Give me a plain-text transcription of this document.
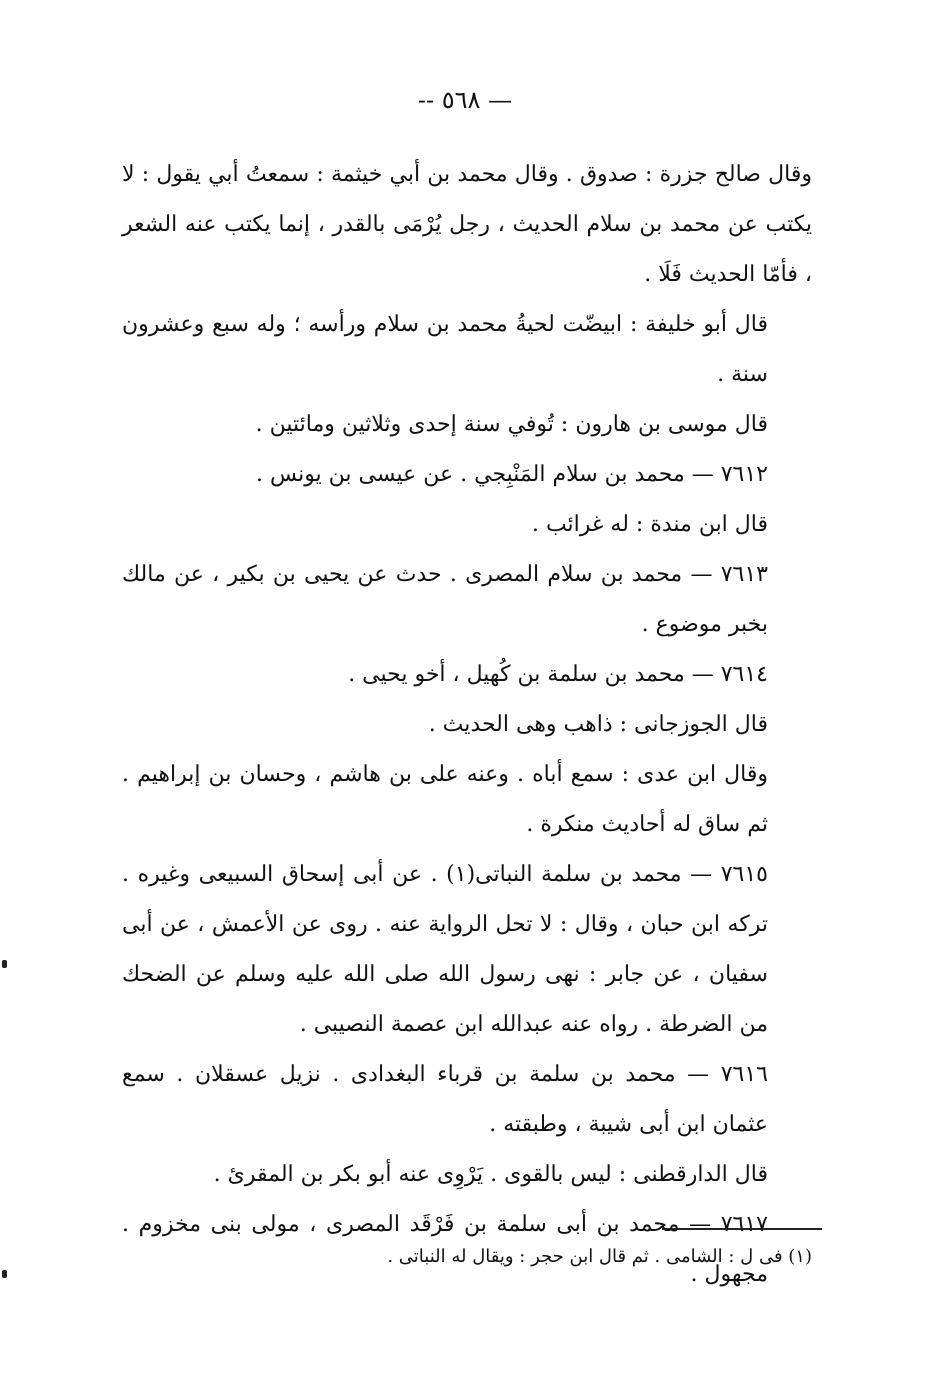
— ٥٦٨ --

وقال صالح جزرة : صدوق . وقال محمد بن أبي خيثمة : سمعتُ أبي يقول : لا يكتب عن محمد بن سلام الحديث ، رجل يُرْمَى بالقدر ، إنما يكتب عنه الشعر ، فأمّا الحديث فَلَا .

قال أبو خليفة : ابيضّت لحيةُ محمد بن سلام ورأسه ؛ وله سبع وعشرون سنة .

قال موسى بن هارون : تُوفي سنة إحدى وثلاثين ومائتين .

٧٦١٢ — محمد بن سلام المَنْبِجي . عن عيسى بن يونس .

قال ابن مندة : له غرائب .

٧٦١٣ — محمد بن سلام المصرى . حدث عن يحيى بن بكير ، عن مالك بخبر موضوع .

٧٦١٤ — محمد بن سلمة بن كُهيل ، أخو يحيى .

قال الجوزجانى : ذاهب وهى الحديث .

وقال ابن عدى : سمع أباه . وعنه على بن هاشم ، وحسان بن إبراهيم . ثم ساق له أحاديث منكرة .

٧٦١٥ — محمد بن سلمة النباتى(١) . عن أبى إسحاق السبيعى وغيره . تركه ابن حبان ، وقال : لا تحل الرواية عنه . روى عن الأعمش ، عن أبى سفيان ، عن جابر : نهى رسول الله صلى الله عليه وسلم عن الضحك من الضرطة . رواه عنه عبدالله ابن عصمة النصيبى .

٧٦١٦ — محمد بن سلمة بن قرباء البغدادى . نزيل عسقلان . سمع عثمان ابن أبى شيبة ، وطبقته .

قال الدارقطنى : ليس بالقوى . يَرْوِى عنه أبو بكر بن المقرئ .

٧٦١٧ — محمد بن أبى سلمة بن فَرْقَد المصرى ، مولى بنى مخزوم . مجهول .

(١) فى ل : الشامى . ثم قال ابن حجر : ويقال له النباتى .
